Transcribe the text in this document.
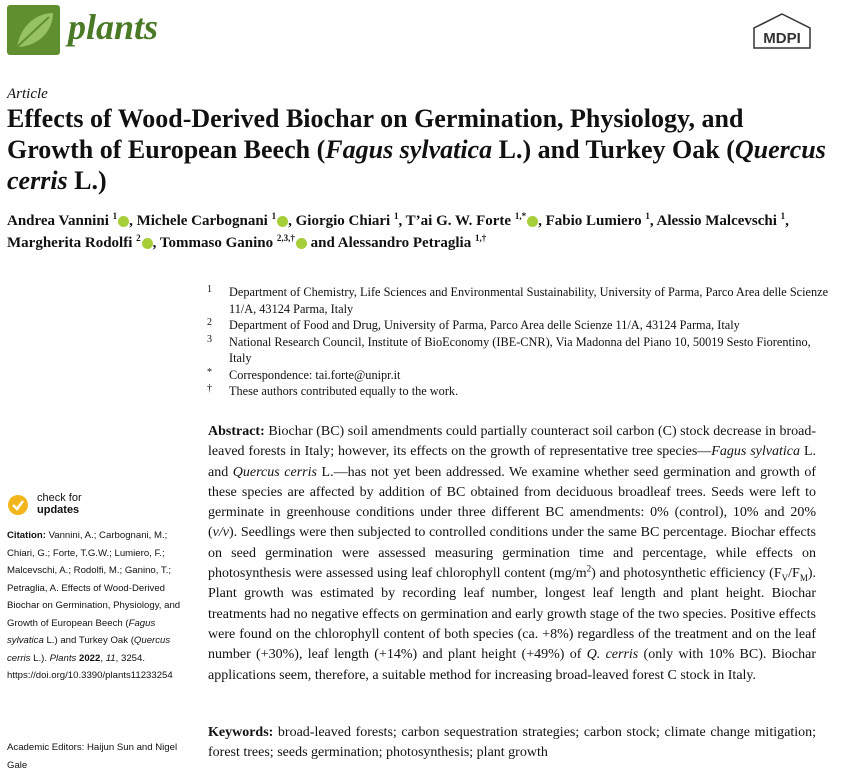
plants	MDPI
Article
Effects of Wood-Derived Biochar on Germination, Physiology, and Growth of European Beech (Fagus sylvatica L.) and Turkey Oak (Quercus cerris L.)
Andrea Vannini $^1$ , Michele Carbognani $^1$ , Giorgio Chiari $^1$, T’ai G. W. Forte $^{1,*}$ , Fabio Lumiero $^1$, Alessio Malcevschi $^1$, Margherita Rodolfi $^2$ , Tommaso Ganino $^{2,3,\dagger}$ and Alessandro Petraglia $^{1,\dagger}$
1 Department of Chemistry, Life Sciences and Environmental Sustainability, University of Parma, Parco Area delle Scienze 11/A, 43124 Parma, Italy
2 Department of Food and Drug, University of Parma, Parco Area delle Scienze 11/A, 43124 Parma, Italy
3 National Research Council, Institute of BioEconomy (IBE-CNR), Via Madonna del Piano 10, 50019 Sesto Fiorentino, Italy
* Correspondence: tai.forte@unipr.it
† These authors contributed equally to the work.
Abstract: Biochar (BC) soil amendments could partially counteract soil carbon (C) stock decrease in broad-leaved forests in Italy; however, its effects on the growth of representative tree species—Fagus sylvatica L. and Quercus cerris L.—has not yet been addressed. We examine whether seed germination and growth of these species are affected by addition of BC obtained from deciduous broadleaf trees. Seeds were left to germinate in greenhouse conditions under three different BC amendments: 0% (control), 10% and 20% (v/v). Seedlings were then subjected to controlled conditions under the same BC percentage. Biochar effects on seed germination were assessed measuring germination time and percentage, while effects on photosynthesis were assessed using leaf chlorophyll content $(mg/m^2)$ and photosynthetic efficiency $(F_V/F_M)$. Plant growth was estimated by recording leaf number, longest leaf length and plant height. Biochar treatments had no negative effects on germination and early growth stage of the two species. Positive effects were found on the chlorophyll content of both species (ca. +8%) regardless of the treatment and on the leaf number (+30%), leaf length (+14%) and plant height (+49%) of Q. cerris (only with 10% BC). Biochar applications seem, therefore, a suitable method for increasing broad-leaved forest C stock in Italy.
Keywords: broad-leaved forests; carbon sequestration strategies; carbon stock; climate change mitigation; forest trees; seeds germination; photosynthesis; plant growth
check for
updates
Citation: Vannini, A.; Carbognani, M.; Chiari, G.; Forte, T.G.W.; Lumiero, F.; Malcevschi, A.; Rodolfi, M.; Ganino, T.; Petraglia, A. Effects of Wood-Derived Biochar on Germination, Physiology, and Growth of European Beech (Fagus sylvatica L.) and Turkey Oak (Quercus cerris L.). Plants 2022, 11, 3254. https://doi.org/10.3390/plants11233254
Academic Editors: Haijun Sun and Nigel Gale
